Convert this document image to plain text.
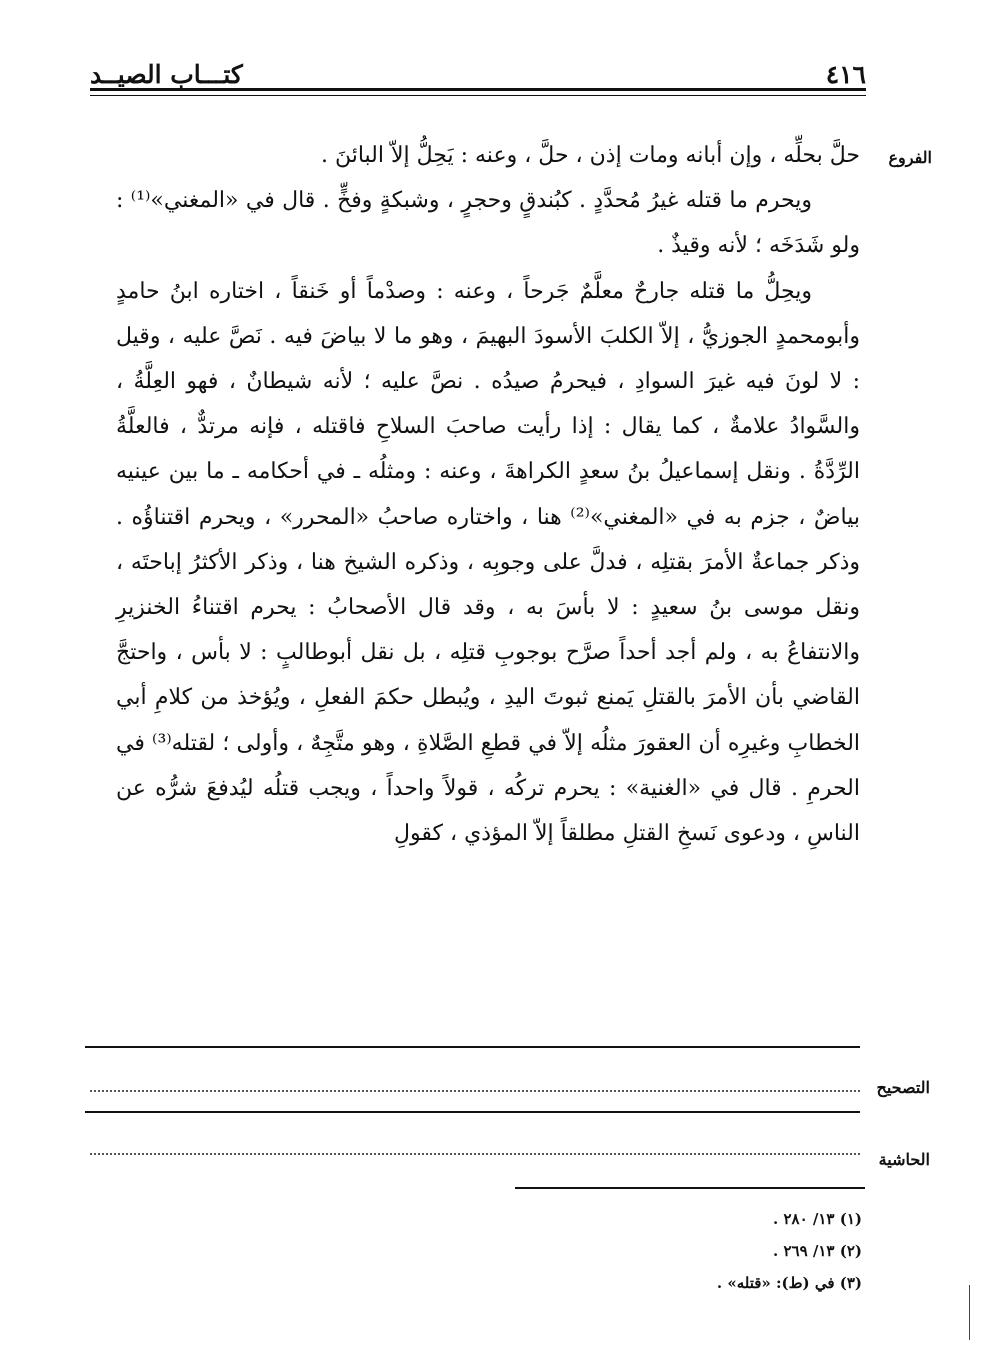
٤١٦
كتـــاب الصيــد
الفروع

حلَّ بحلِّه ، وإن أبانه ومات إذن ، حلَّ ، وعنه : يَحِلُّ إلاّ البائنَ .

ويحرم ما قتله غيرُ مُحدَّدٍ . كبُندقٍ وحجرٍ ، وشبكةٍ وفخٍّ . قال في «المغني»⁽¹⁾ : ولو شَدَخَه ؛ لأنه وقيذٌ .

ويحِلُّ ما قتله جارحٌ معلَّمٌ جَرحاً ، وعنه : وصدْماً أو خَنقاً ، اختاره ابنُ حامدٍ وأبومحمدٍ الجوزيُّ ، إلاّ الكلبَ الأسودَ البهيمَ ، وهو ما لا بياضَ فيه . نَصَّ عليه ، وقيل : لا لونَ فيه غيرَ السوادِ ، فيحرمُ صيدُه . نصَّ عليه ؛ لأنه شيطانٌ ، فهو العِلَّةُ ، والسَّوادُ علامةٌ ، كما يقال : إذا رأيت صاحبَ السلاحِ فاقتله ، فإنه مرتدٌّ ، فالعلَّةُ الرِّدَّةُ . ونقل إسماعيلُ بنُ سعدٍ الكراهةَ ، وعنه : ومثلُه ـ في أحكامه ـ ما بين عينيه بياضٌ ، جزم به في «المغني»⁽²⁾ هنا ، واختاره صاحبُ «المحرر» ، ويحرم اقتناؤُه . وذكر جماعةٌ الأمرَ بقتلِه ، فدلَّ على وجوبِه ، وذكره الشيخ هنا ، وذكر الأكثرُ إباحتَه ، ونقل موسى بنُ سعيدٍ : لا بأسَ به ، وقد قال الأصحابُ : يحرم اقتناءُ الخنزيرِ والانتفاعُ به ، ولم أجد أحداً صرَّح بوجوبِ قتلِه ، بل نقل أبوطالبٍ : لا بأس ، واحتجَّ القاضي بأن الأمرَ بالقتلِ يَمنع ثبوتَ اليدِ ، ويُبطل حكمَ الفعلِ ، ويُؤخذ من كلامِ أبي الخطابِ وغيرِه أن العقورَ مثلُه إلاّ في قطعِ الصَّلاةِ ، وهو متَّجِهٌ ، وأولى ؛ لقتله⁽³⁾ في الحرمِ . قال في «الغنية» : يحرم تركُه ، قولاً واحداً ، ويجب قتلُه ليُدفعَ شرُّه عن الناسِ ، ودعوى نَسخِ القتلِ مطلقاً إلاّ المؤذي ، كقولِ

التصحيح
الحاشية
(١) ١٣/ ٢٨٠ .
(٢) ١٣/ ٢٦٩ .
(٣) في (ط): «قتله» .
